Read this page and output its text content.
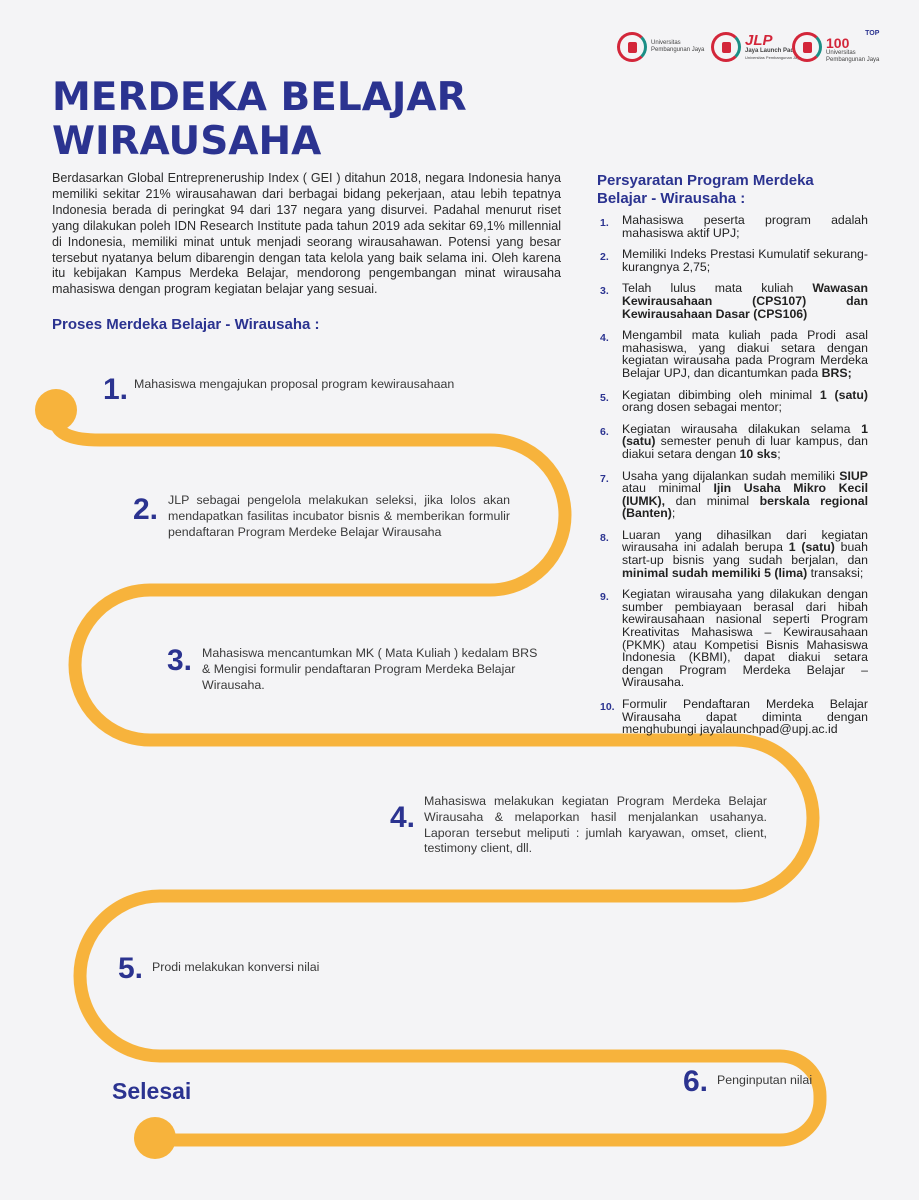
Universitas
Pembangunan Jaya
JLP
Jaya Launch Pad
Universitas Pembangunan Jaya
TOP
100
Universitas
Pembangunan Jaya
MERDEKA BELAJAR
WIRAUSAHA

Berdasarkan Global Entrepreneruship Index ( GEI ) ditahun 2018, negara Indonesia hanya memiliki sekitar 21% wirausahawan dari berbagai bidang pekerjaan, atau lebih tepatnya Indonesia berada di peringkat 94 dari 137 negara yang disurvei. Padahal menurut riset yang dilakukan poleh IDN Research Institute pada tahun 2019 ada sekitar 69,1% millennial di Indonesia, memiliki minat untuk menjadi seorang wirausahawan. Potensi yang besar tersebut nyatanya belum dibarengin dengan tata kelola yang baik selama ini. Oleh karena itu kebijakan Kampus Merdeka Belajar, mendorong pengembangan minat wirausaha mahasiswa dengan program kegiatan belajar yang sesuai.

Proses Merdeka Belajar - Wirausaha :
1. Mahasiswa mengajukan proposal program kewirausahaan

2. JLP sebagai pengelola melakukan seleksi, jika lolos akan mendapatkan fasilitas incubator bisnis & memberikan formulir pendaftaran Program Merdeke Belajar Wirausaha

3. Mahasiswa mencantumkan MK ( Mata Kuliah ) kedalam BRS & Mengisi formulir pendaftaran Program Merdeka Belajar Wirausaha.

4. Mahasiswa melakukan kegiatan Program Merdeka Belajar Wirausaha & melaporkan hasil menjalankan usahanya. Laporan tersebut meliputi : jumlah karyawan, omset, client, testimony client, dll.

5. Prodi melakukan konversi nilai

6. Penginputan nilai

Selesai
Persyaratan Program Merdeka Belajar - Wirausaha :
1. Mahasiswa peserta program adalah mahasiswa aktif UPJ;
2. Memiliki Indeks Prestasi Kumulatif sekurang-kurangnya 2,75;
3. Telah lulus mata kuliah Wawasan Kewirausahaan (CPS107) dan Kewirausahaan Dasar (CPS106)
4. Mengambil mata kuliah pada Prodi asal mahasiswa, yang diakui setara dengan kegiatan wirausaha pada Program Merdeka Belajar UPJ, dan dicantumkan pada BRS;
5. Kegiatan dibimbing oleh minimal 1 (satu) orang dosen sebagai mentor;
6. Kegiatan wirausaha dilakukan selama 1 (satu) semester penuh di luar kampus, dan diakui setara dengan 10 sks;
7. Usaha yang dijalankan sudah memiliki SIUP atau minimal Ijin Usaha Mikro Kecil (IUMK), dan minimal berskala regional (Banten);
8. Luaran yang dihasilkan dari kegiatan wirausaha ini adalah berupa 1 (satu) buah start-up bisnis yang sudah berjalan, dan minimal sudah memiliki 5 (lima) transaksi;
9. Kegiatan wirausaha yang dilakukan dengan sumber pembiayaan berasal dari hibah kewirausahaan nasional seperti Program Kreativitas Mahasiswa – Kewirausahaan (PKMK) atau Kompetisi Bisnis Mahasiswa Indonesia (KBMI), dapat diakui setara dengan Program Merdeka Belajar – Wirausaha.
10. Formulir Pendaftaran Merdeka Belajar Wirausaha dapat diminta dengan menghubungi jayalaunchpad@upj.ac.id
